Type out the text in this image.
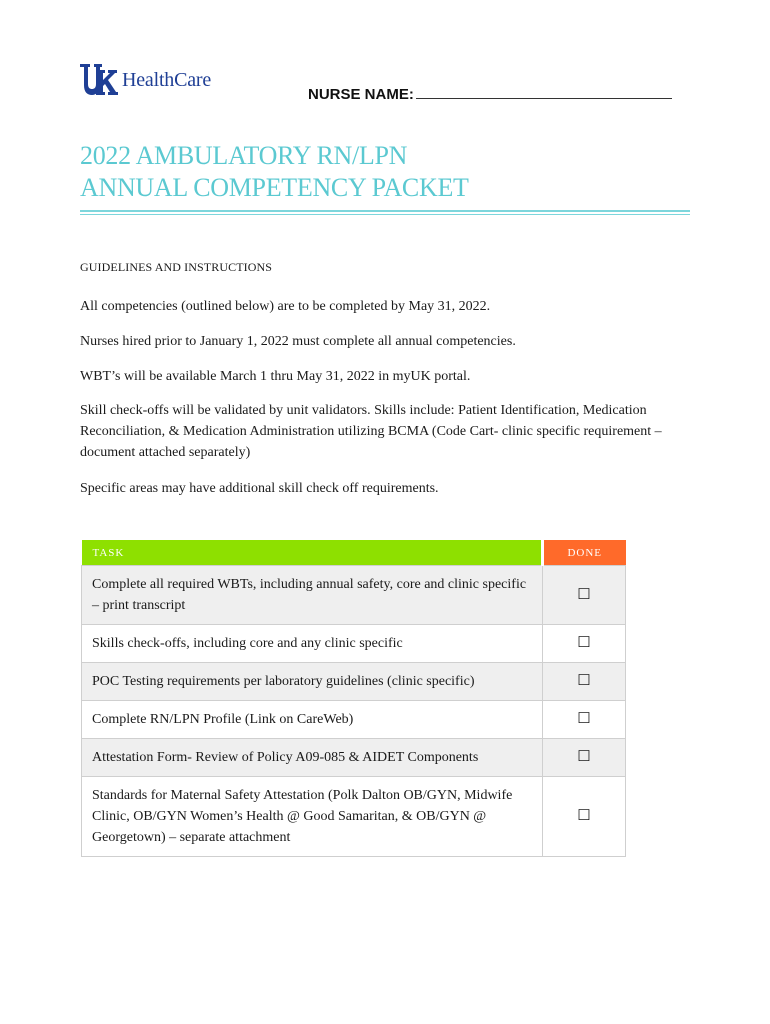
HealthCare
NURSE NAME:
2022 AMBULATORY RN/LPN
ANNUAL COMPETENCY PACKET
GUIDELINES AND INSTRUCTIONS
All competencies (outlined below) are to be completed by May 31, 2022.
Nurses hired prior to January 1, 2022 must complete all annual competencies.
WBT’s will be available March 1 thru May 31, 2022 in myUK portal.
Skill check-offs will be validated by unit validators. Skills include: Patient Identification, Medication Reconciliation, & Medication Administration utilizing BCMA (Code Cart- clinic specific requirement – document attached separately)
Specific areas may have additional skill check off requirements.
TASK	DONE
Complete all required WBTs, including annual safety, core and clinic specific – print transcript	☐
Skills check-offs, including core and any clinic specific	☐
POC Testing requirements per laboratory guidelines (clinic specific)	☐
Complete RN/LPN Profile (Link on CareWeb)	☐
Attestation Form- Review of Policy A09-085 & AIDET Components	☐
Standards for Maternal Safety Attestation (Polk Dalton OB/GYN, Midwife Clinic, OB/GYN Women’s Health @ Good Samaritan, & OB/GYN @ Georgetown) – separate attachment	☐
